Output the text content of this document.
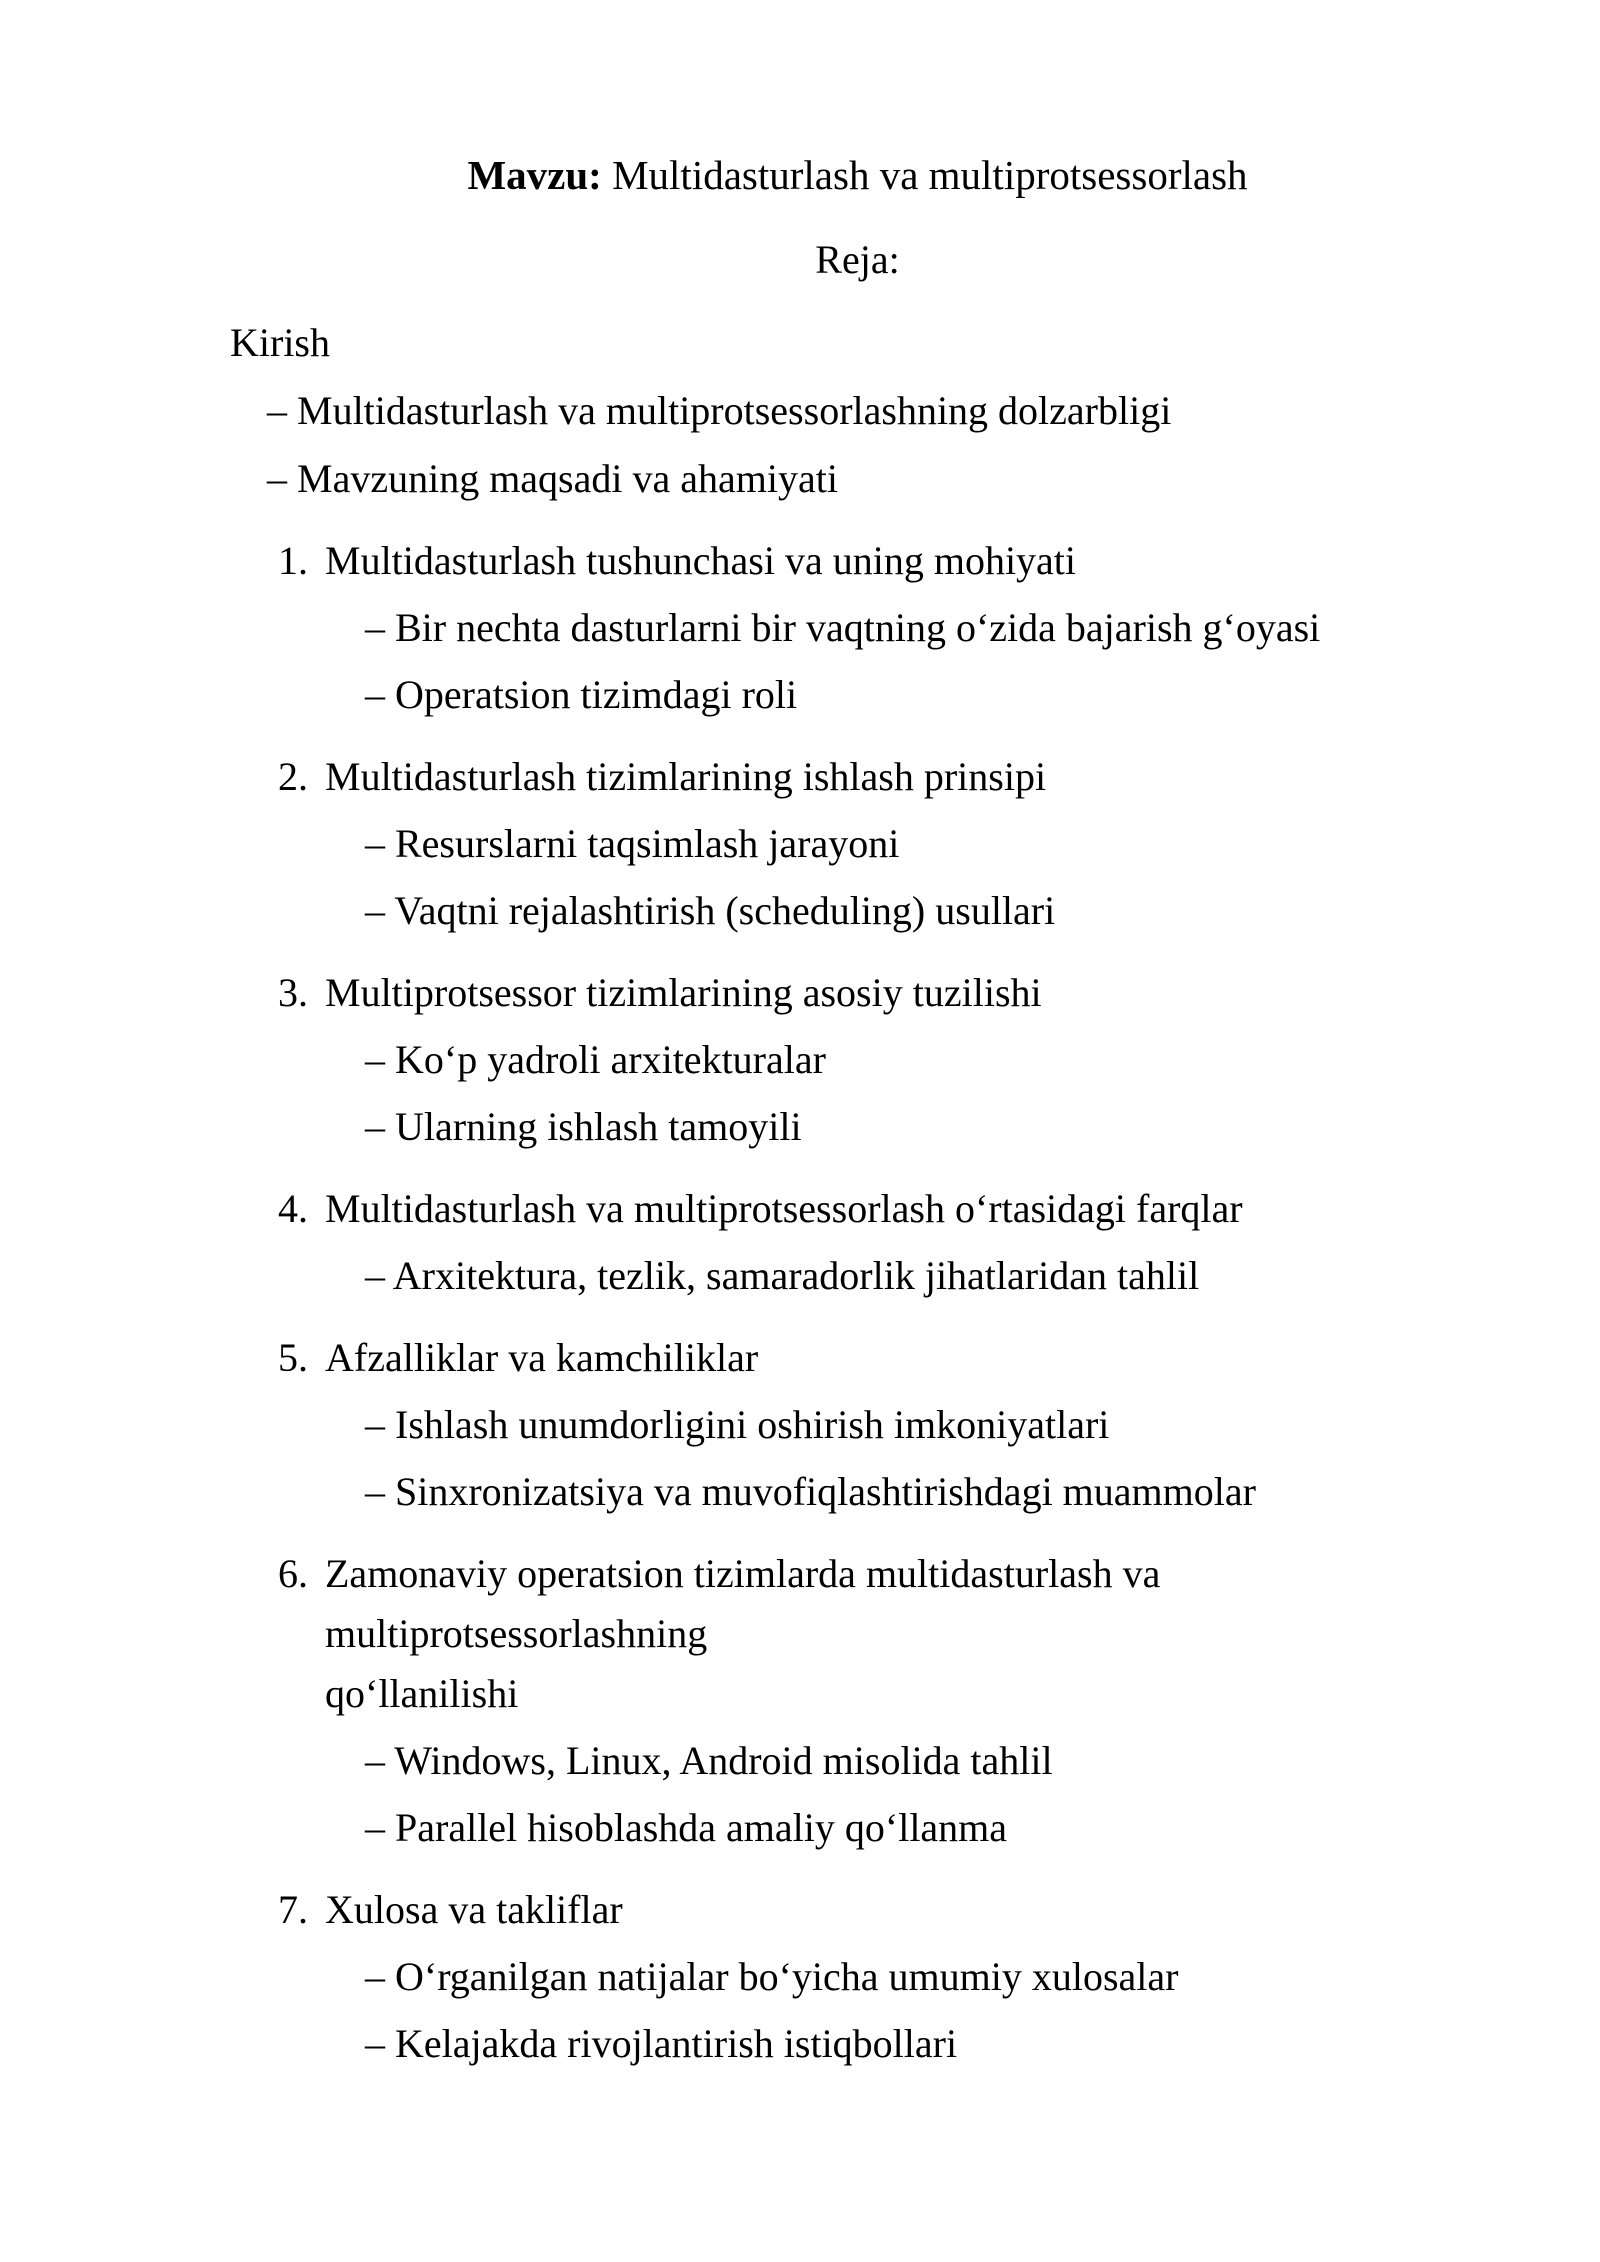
Mavzu: Multidasturlash va multiprotsessorlash

Reja:

Kirish

– Multidasturlash va multiprotsessorlashning dolzarbligi

– Mavzuning maqsadi va ahamiyati

1. Multidasturlash tushunchasi va uning mohiyati

– Bir nechta dasturlarni bir vaqtning o‘zida bajarish g‘oyasi

– Operatsion tizimdagi roli

2. Multidasturlash tizimlarining ishlash prinsipi

– Resurslarni taqsimlash jarayoni

– Vaqtni rejalashtirish (scheduling) usullari

3. Multiprotsessor tizimlarining asosiy tuzilishi

– Ko‘p yadroli arxitekturalar

– Ularning ishlash tamoyili

4. Multidasturlash va multiprotsessorlash o‘rtasidagi farqlar

– Arxitektura, tezlik, samaradorlik jihatlaridan tahlil

5. Afzalliklar va kamchiliklar

– Ishlash unumdorligini oshirish imkoniyatlari

– Sinxronizatsiya va muvofiqlashtirishdagi muammolar

6. Zamonaviy operatsion tizimlarda multidasturlash va multiprotsessorlashning
qo‘llanilishi

– Windows, Linux, Android misolida tahlil

– Parallel hisoblashda amaliy qo‘llanma

7. Xulosa va takliflar

– O‘rganilgan natijalar bo‘yicha umumiy xulosalar

– Kelajakda rivojlantirish istiqbollari
